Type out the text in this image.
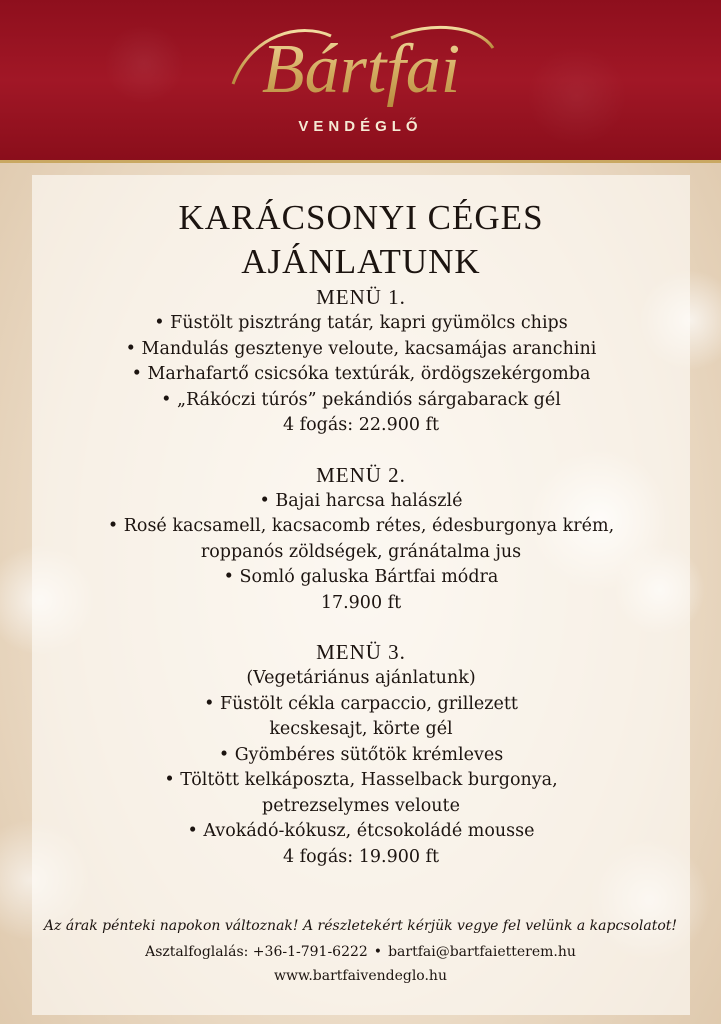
Bártfai
VENDÉGLŐ
KARÁCSONYI CÉGES
AJÁNLATUNK
MENÜ 1.
• Füstölt pisztráng tatár, kapri gyümölcs chips
• Mandulás gesztenye veloute, kacsamájas aranchini
• Marhafartő csicsóka textúrák, ördögszekérgomba
• „Rákóczi túrós” pekándiós sárgabarack gél
4 fogás: 22.900 ft
MENÜ 2.
• Bajai harcsa halászlé
• Rosé kacsamell, kacsacomb rétes, édesburgonya krém,
roppanós zöldségek, gránátalma jus
• Somló galuska Bártfai módra
17.900 ft
MENÜ 3.
(Vegetáriánus ajánlatunk)
• Füstölt cékla carpaccio, grillezett
kecskesajt, körte gél
• Gyömbéres sütőtök krémleves
• Töltött kelkáposzta, Hasselback burgonya,
petrezselymes veloute
• Avokádó-kókusz, étcsokoládé mousse
4 fogás: 19.900 ft
Az árak pénteki napokon változnak! A részletekért kérjük vegye fel velünk a kapcsolatot!
Asztalfoglalás: +36-1-791-6222 • bartfai@bartfaietterem.hu
www.bartfaivendeglo.hu
